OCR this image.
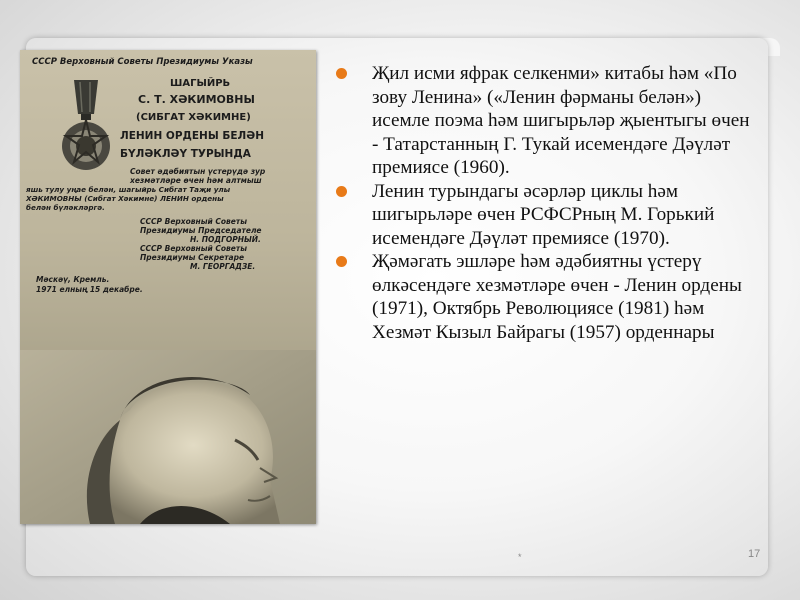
СССР Верховный Советы Президиумы Указы
ШАГЫЙРЬ
С. Т. ХӘКИМОВНЫ
(СИБГАТ ХӘКИМНЕ)
ЛЕНИН ОРДЕНЫ БЕЛӘН
БҮЛӘКЛӘҮ ТУРЫНДА
Совет әдәбиятын үстерүдә зур
хезмәтләре өчен һәм алтмыш
яшь тулу уңае белән, шагыйрь Сибгат Таҗи улы
ХӘКИМОВНЫ (Сибгат Хәкимне) ЛЕНИН ордены
белән бүләкләргә.
СССР Верховный Советы
Президиумы Председателе
Н. ПОДГОРНЫЙ.
СССР Верховный Советы
Президиумы Секретаре
М. ГЕОРГАДЗЕ.
Мәскәү, Кремль.
1971 елның 15 декабре.
Җил исми яфрак селкенми» китабы һәм «По зову Ленина» («Ленин фәрманы белән») исемле поэма һәм шигырьләр җыентыгы өчен - Татарстанның Г. Тукай исемендәге Дәүләт премиясе (1960).
Ленин турындагы әсәрләр циклы һәм шигырьләре өчен РСФСРның М. Горький исемендәге Дәүләт премиясе (1970).
Җәмәгать эшләре һәм әдәбиятны үстерү өлкәсендәге хезмәтләре өчен - Ленин ордены (1971), Октябрь Революциясе (1981) һәм Хезмәт Кызыл Байрагы (1957) орденнары
*	17
